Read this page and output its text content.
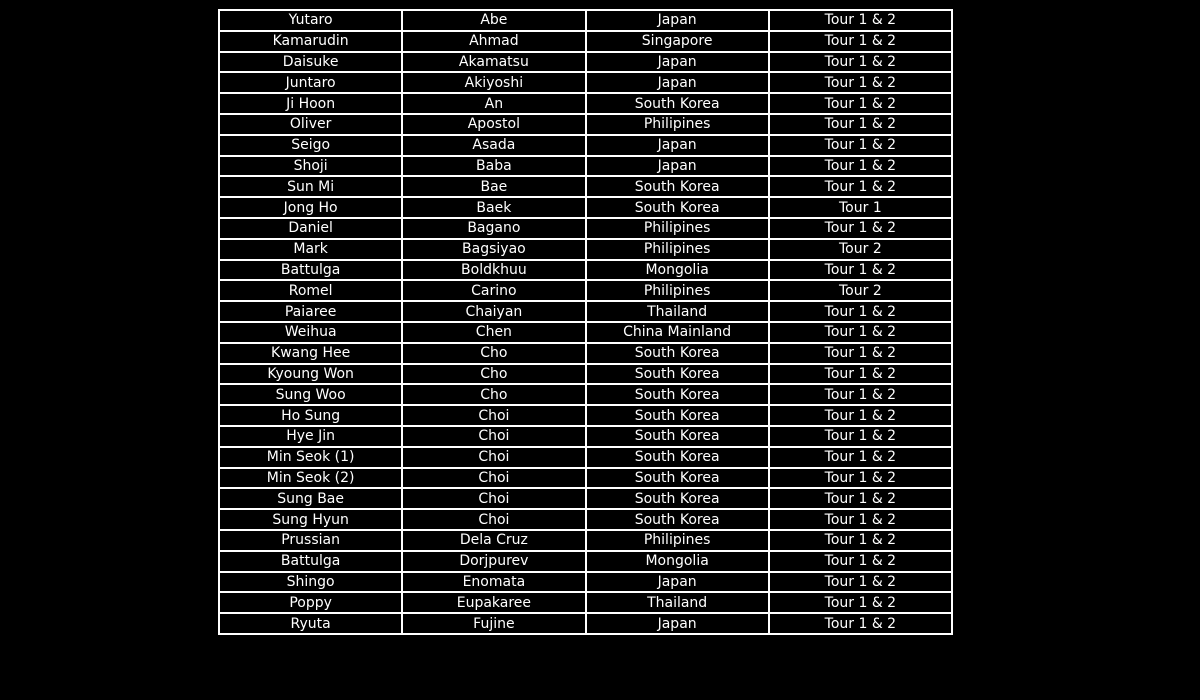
Yutaro	Abe	Japan	Tour 1 & 2
Kamarudin	Ahmad	Singapore	Tour 1 & 2
Daisuke	Akamatsu	Japan	Tour 1 & 2
Juntaro	Akiyoshi	Japan	Tour 1 & 2
Ji Hoon	An	South Korea	Tour 1 & 2
Oliver	Apostol	Philipines	Tour 1 & 2
Seigo	Asada	Japan	Tour 1 & 2
Shoji	Baba	Japan	Tour 1 & 2
Sun Mi	Bae	South Korea	Tour 1 & 2
Jong Ho	Baek	South Korea	Tour 1
Daniel	Bagano	Philipines	Tour 1 & 2
Mark	Bagsiyao	Philipines	Tour 2
Battulga	Boldkhuu	Mongolia	Tour 1 & 2
Romel	Carino	Philipines	Tour 2
Paiaree	Chaiyan	Thailand	Tour 1 & 2
Weihua	Chen	China Mainland	Tour 1 & 2
Kwang Hee	Cho	South Korea	Tour 1 & 2
Kyoung Won	Cho	South Korea	Tour 1 & 2
Sung Woo	Cho	South Korea	Tour 1 & 2
Ho Sung	Choi	South Korea	Tour 1 & 2
Hye Jin	Choi	South Korea	Tour 1 & 2
Min Seok (1)	Choi	South Korea	Tour 1 & 2
Min Seok (2)	Choi	South Korea	Tour 1 & 2
Sung Bae	Choi	South Korea	Tour 1 & 2
Sung Hyun	Choi	South Korea	Tour 1 & 2
Prussian	Dela Cruz	Philipines	Tour 1 & 2
Battulga	Dorjpurev	Mongolia	Tour 1 & 2
Shingo	Enomata	Japan	Tour 1 & 2
Poppy	Eupakaree	Thailand	Tour 1 & 2
Ryuta	Fujine	Japan	Tour 1 & 2
